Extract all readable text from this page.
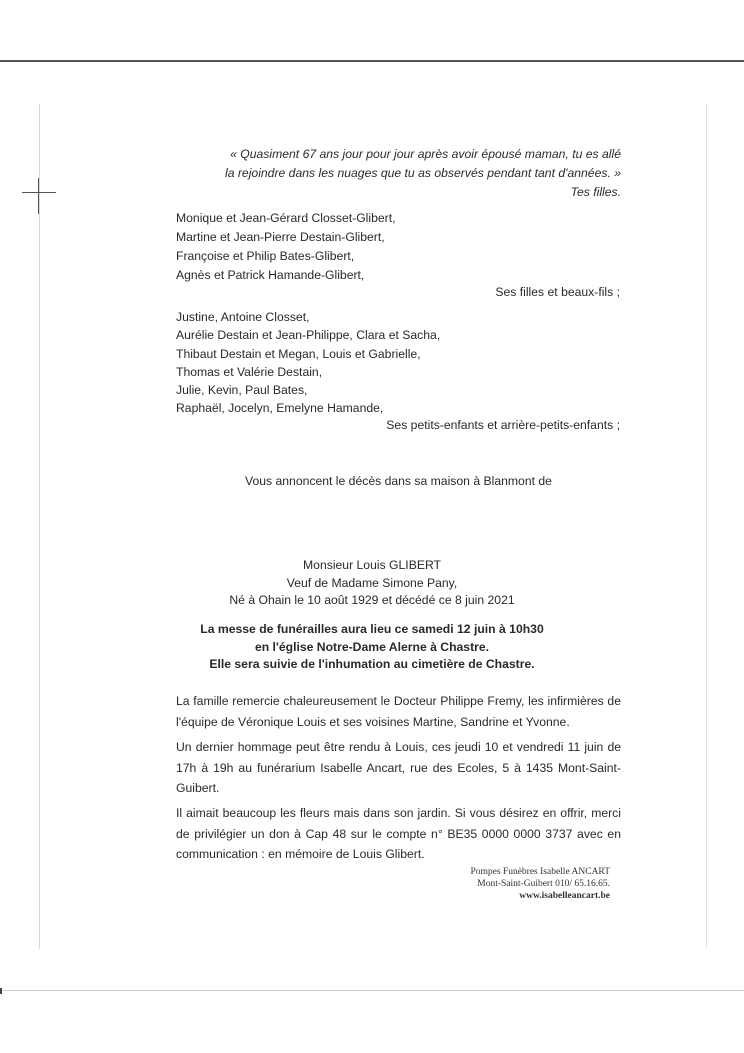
« Quasiment 67 ans jour pour jour après avoir épousé maman, tu es allé
la rejoindre dans les nuages que tu as observés pendant tant d'années. »
Tes filles.
Monique et Jean-Gérard Closset-Glibert,
Martine et Jean-Pierre Destain-Glibert,
Françoise et Philip Bates-Glibert,
Agnès et Patrick Hamande-Glibert,
Ses filles et beaux-fils ;
Justine, Antoine Closset,
Aurélie Destain et Jean-Philippe, Clara et Sacha,
Thibaut Destain et Megan, Louis et Gabrielle,
Thomas et Valérie Destain,
Julie, Kevin, Paul Bates,
Raphaël, Jocelyn, Emelyne Hamande,
Ses petits-enfants et arrière-petits-enfants ;
Vous annoncent le décès dans sa maison à Blanmont de
Monsieur Louis GLIBERT
Veuf de Madame Simone Pany,
Né à Ohain le 10 août 1929 et décédé ce 8 juin 2021
La messe de funérailles aura lieu ce samedi 12 juin à 10h30
en l'église Notre-Dame Alerne à Chastre.
Elle sera suivie de l'inhumation au cimetière de Chastre.
La famille remercie chaleureusement le Docteur Philippe Fremy, les infirmières de l'équipe de Véronique Louis et ses voisines Martine, Sandrine et Yvonne.
Un dernier hommage peut être rendu à Louis, ces jeudi 10 et vendredi 11 juin de 17h à 19h au funérarium Isabelle Ancart, rue des Ecoles, 5 à 1435 Mont-Saint-Guibert.
Il aimait beaucoup les fleurs mais dans son jardin. Si vous désirez en offrir, merci de privilégier un don à Cap 48 sur le compte n° BE35 0000 0000 3737 avec en communication : en mémoire de Louis Glibert.
Pompes Funèbres Isabelle ANCART
Mont-Saint-Guibert 010/ 65.16.65.
www.isabelleancart.be
